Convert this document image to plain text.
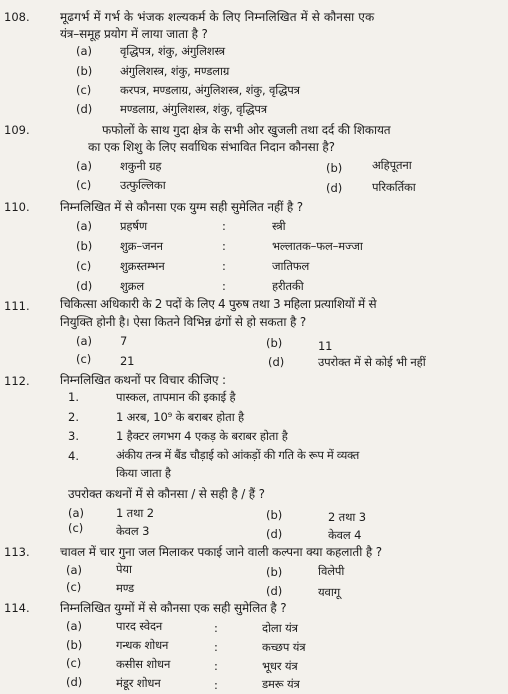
108.	मूढगर्भ में गर्भ के भंजक शल्यकर्म के लिए निम्नलिखित में से कौनसा एक
यंत्र–समूह प्रयोग में लाया जाता है ?
(a) वृद्धिपत्र, शंकु, अंगुलिशस्त्र
(b) अंगुलिशस्त्र, शंकु, मण्डलाग्र
(c) करपत्र, मण्डलाग्र, अंगुलिशस्त्र, शंकु, वृद्धिपत्र
(d) मण्डलाग्र, अंगुलिशस्त्र, शंकु, वृद्धिपत्र
109.	फफोलों के साथ गुदा क्षेत्र के सभी ओर खुजली तथा दर्द की शिकायत
का एक शिशु के लिए सर्वाधिक संभावित निदान कौनसा है?
(a) शकुनी ग्रह	(b)	अहिपूतना
(c) उत्फुल्लिका	(d)	परिकर्तिका
110.	निम्नलिखित में से कौनसा एक युग्म सही सुमेलित नहीं है ?
(a) प्रहर्षण	:	स्त्री
(b) शुक्र–जनन	:	भल्लातक–फल–मज्जा
(c) शुक्रस्तम्भन	:	जातिफल
(d) शुक्रल	:	हरीतकी
111.	चिकित्सा अधिकारी के 2 पदों के लिए 4 पुरुष तथा 3 महिला प्रत्याशियों में से
नियुक्ति होनी है। ऐसा कितने विभिन्न ढंगों से हो सकता है ?
(a) 7	(b)	11
(c) 21	(d)	उपरोक्त में से कोई भी नहीं
112.	निम्नलिखित कथनों पर विचार कीजिए :
1.	पास्कल, तापमान की इकाई है
2.	1 अरब, 10⁹ के बराबर होता है
3.	1 हैक्टर लगभग 4 एकड़ के बराबर होता है
4.	अंकीय तन्त्र में बैंड चौड़ाई को आंकड़ों की गति के रूप में व्यक्त
किया जाता है
उपरोक्त कथनों में से कौनसा / से सही है / हैं ?
(a)	1 तथा 2	(b)	2 तथा 3
(c)	केवल 3	(d)	केवल 4
113.	चावल में चार गुना जल मिलाकर पकाई जाने वाली कल्पना क्या कहलाती है ?
(a)	पेया	(b)	विलेपी
(c)	मण्ड	(d)	यवागू
114.	निम्नलिखित युग्मों में से कौनसा एक सही सुमेलित है ?
(a)	पारद स्वेदन	:	दोला यंत्र
(b)	गन्धक शोधन	:	कच्छप यंत्र
(c)	कसीस शोधन	:	भूधर यंत्र
(d)	मंडूर शोधन	:	डमरू यंत्र
